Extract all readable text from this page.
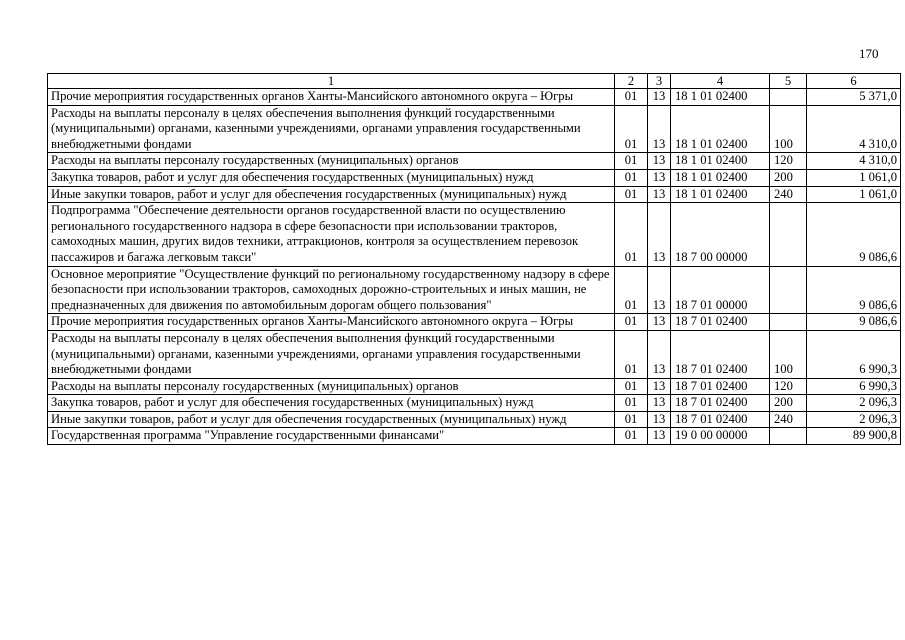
170
1	2	3	4	5	6
Прочие мероприятия государственных органов Ханты-Мансийского автономного округа – Югры	01	13	18 1 01 02400		5 371,0
Расходы на выплаты персоналу в целях обеспечения выполнения функций государственными (муниципальными) органами, казенными учреждениями, органами управления государственными внебюджетными фондами	01	13	18 1 01 02400	100	4 310,0
Расходы на выплаты персоналу государственных (муниципальных) органов	01	13	18 1 01 02400	120	4 310,0
Закупка товаров, работ и услуг для обеспечения государственных (муниципальных) нужд	01	13	18 1 01 02400	200	1 061,0
Иные закупки товаров, работ и услуг для обеспечения государственных (муниципальных) нужд	01	13	18 1 01 02400	240	1 061,0
Подпрограмма "Обеспечение деятельности органов государственной власти по осуществлению регионального государственного надзора в сфере безопасности при использовании тракторов, самоходных машин, других видов техники, аттракционов, контроля за осуществлением перевозок пассажиров и багажа легковым такси"	01	13	18 7 00 00000		9 086,6
Основное мероприятие "Осуществление функций по региональному государственному надзору в сфере безопасности при использовании тракторов, самоходных дорожно-строительных и иных машин, не предназначенных для движения по автомобильным дорогам общего пользования"	01	13	18 7 01 00000		9 086,6
Прочие мероприятия государственных органов Ханты-Мансийского автономного округа – Югры	01	13	18 7 01 02400		9 086,6
Расходы на выплаты персоналу в целях обеспечения выполнения функций государственными (муниципальными) органами, казенными учреждениями, органами управления государственными внебюджетными фондами	01	13	18 7 01 02400	100	6 990,3
Расходы на выплаты персоналу государственных (муниципальных) органов	01	13	18 7 01 02400	120	6 990,3
Закупка товаров, работ и услуг для обеспечения государственных (муниципальных) нужд	01	13	18 7 01 02400	200	2 096,3
Иные закупки товаров, работ и услуг для обеспечения государственных (муниципальных) нужд	01	13	18 7 01 02400	240	2 096,3
Государственная программа "Управление государственными финансами"	01	13	19 0 00 00000		89 900,8
